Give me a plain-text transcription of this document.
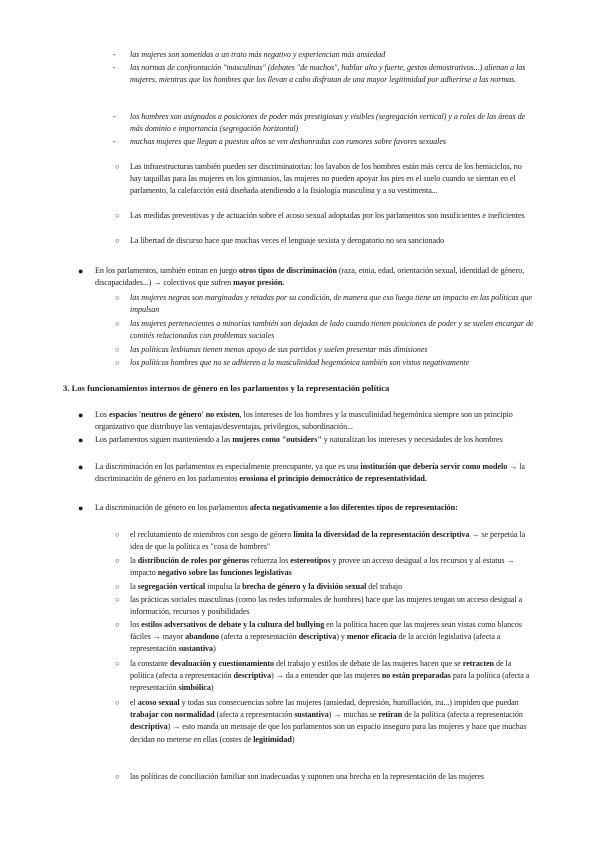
- las mujeres son sometidas a un trato más negativo y experiencian más ansiedad
- las normas de confrontación "masculinas" (debates "de machos", hablar alto y fuerte, gestos demostrativos...) alienan a las mujeres, mientras que los hombres que los llevan a cabo disfrutan de una mayor legitimidad por adherirse a las normas.
- los hombres son asignados a posiciones de poder más prestigiosas y visibles (segregación vertical) y a roles de las áreas de más dominio e importancia (segregación horizontal)
- muchas mujeres que llegan a puestos altos se ven deshonradas con rumores sobre favores sexuales
○ Las infraestructuras también pueden ser discriminatorias: los lavabos de los hombres están más cerca de los hemiciclos, no hay taquillas para las mujeres en los gimnasios, las mujeres no pueden apoyar los pies en el suelo cuando se sientan en el parlamento, la calefacción está diseñada atendiendo a la fisiología masculina y a su vestimenta...
○ Las medidas preventivas y de actuación sobre el acoso sexual adoptadas por los parlamentos son insuficientes e ineficientes
○ La libertad de discurso hace que muchas veces el lenguaje sexista y derogatorio no sea sancionado
● En los parlamentos, también entran en juego otros tipos de discriminación (raza, etnia, edad, orientación sexual, identidad de género, discapacidades...) → colectivos que sufren mayor presión.
○ las mujeres negras son marginadas y retadas por su condición, de manera que eso luego tiene un impacto en las políticas que impulsan
○ las mujeres pertenecientes a minorías también son dejadas de lado cuando tienen posiciones de poder y se suelen encargar de comités relacionados con problemas sociales
○ las políticas lesbianas tienen menos apoyo de sus partidos y suelen presentar más dimisiones
○ los políticos hombres que no se adhieren a la masculinidad hegemónica también son vistos negativamente
3. Los funcionamientos internos de género en los parlamentos y la representación política
● Los espacios 'neutros de género' no existen, los intereses de los hombres y la masculinidad hegemónica siempre son un principio organizativo que distribuye las ventajas/desventajas, privilegios, subordinación...
● Los parlamentos siguen manteniendo a las mujeres como "outsiders" y naturalizan los intereses y necesidades de los hombres
● La discriminación en los parlamentos es especialmente preocupante, ya que es una institución que debería servir como modelo → la discriminación de género en los parlamentos erosiona el principio democrático de representatividad.
● La discriminación de género en los parlamentos afecta negativamente a los diferentes tipos de representación:
○ el reclutamiento de miembros con sesgo de género limita la diversidad de la representación descriptiva → se perpetúa la idea de que la política es "cosa de hombres"
○ la distribución de roles por géneros refuerza los estereotipos y provee un acceso desigual a los recursos y al estatus → impacto negativo sobre las funciones legislativas
○ la segregación vertical impulsa la brecha de género y la división sexual del trabajo
○ las prácticas sociales masculinas (como las redes informales de hombres) hace que las mujeres tengan un acceso desigual a información, recursos y posibilidades
○ los estilos adversativos de debate y la cultura del bullying en la política hacen que las mujeres sean vistas como blancos fáciles → mayor abandono (afecta a representación descriptiva) y menor eficacia de la acción legislativa (afecta a representación sustantiva)
○ la constante devaluación y cuestionamiento del trabajo y estilos de debate de las mujeres hacen que se retracten de la política (afecta a representación descriptiva) → da a entender que las mujeres no están preparadas para la política (afecta a representación simbólica)
○ el acoso sexual y todas sus consecuencias sobre las mujeres (ansiedad, depresión, humillación, ira...) impiden que puedan trabajar con normalidad (afecta a representación sustantiva) → muchas se retiran de la política (afecta a representación descriptiva) → esto manda un mensaje de que los parlamentos son un espacio inseguro para las mujeres y hace que muchas decidan no meterse en ellas (costes de legitimidad)
○ las políticas de conciliación familiar son inadecuadas y suponen una brecha en la representación de las mujeres
